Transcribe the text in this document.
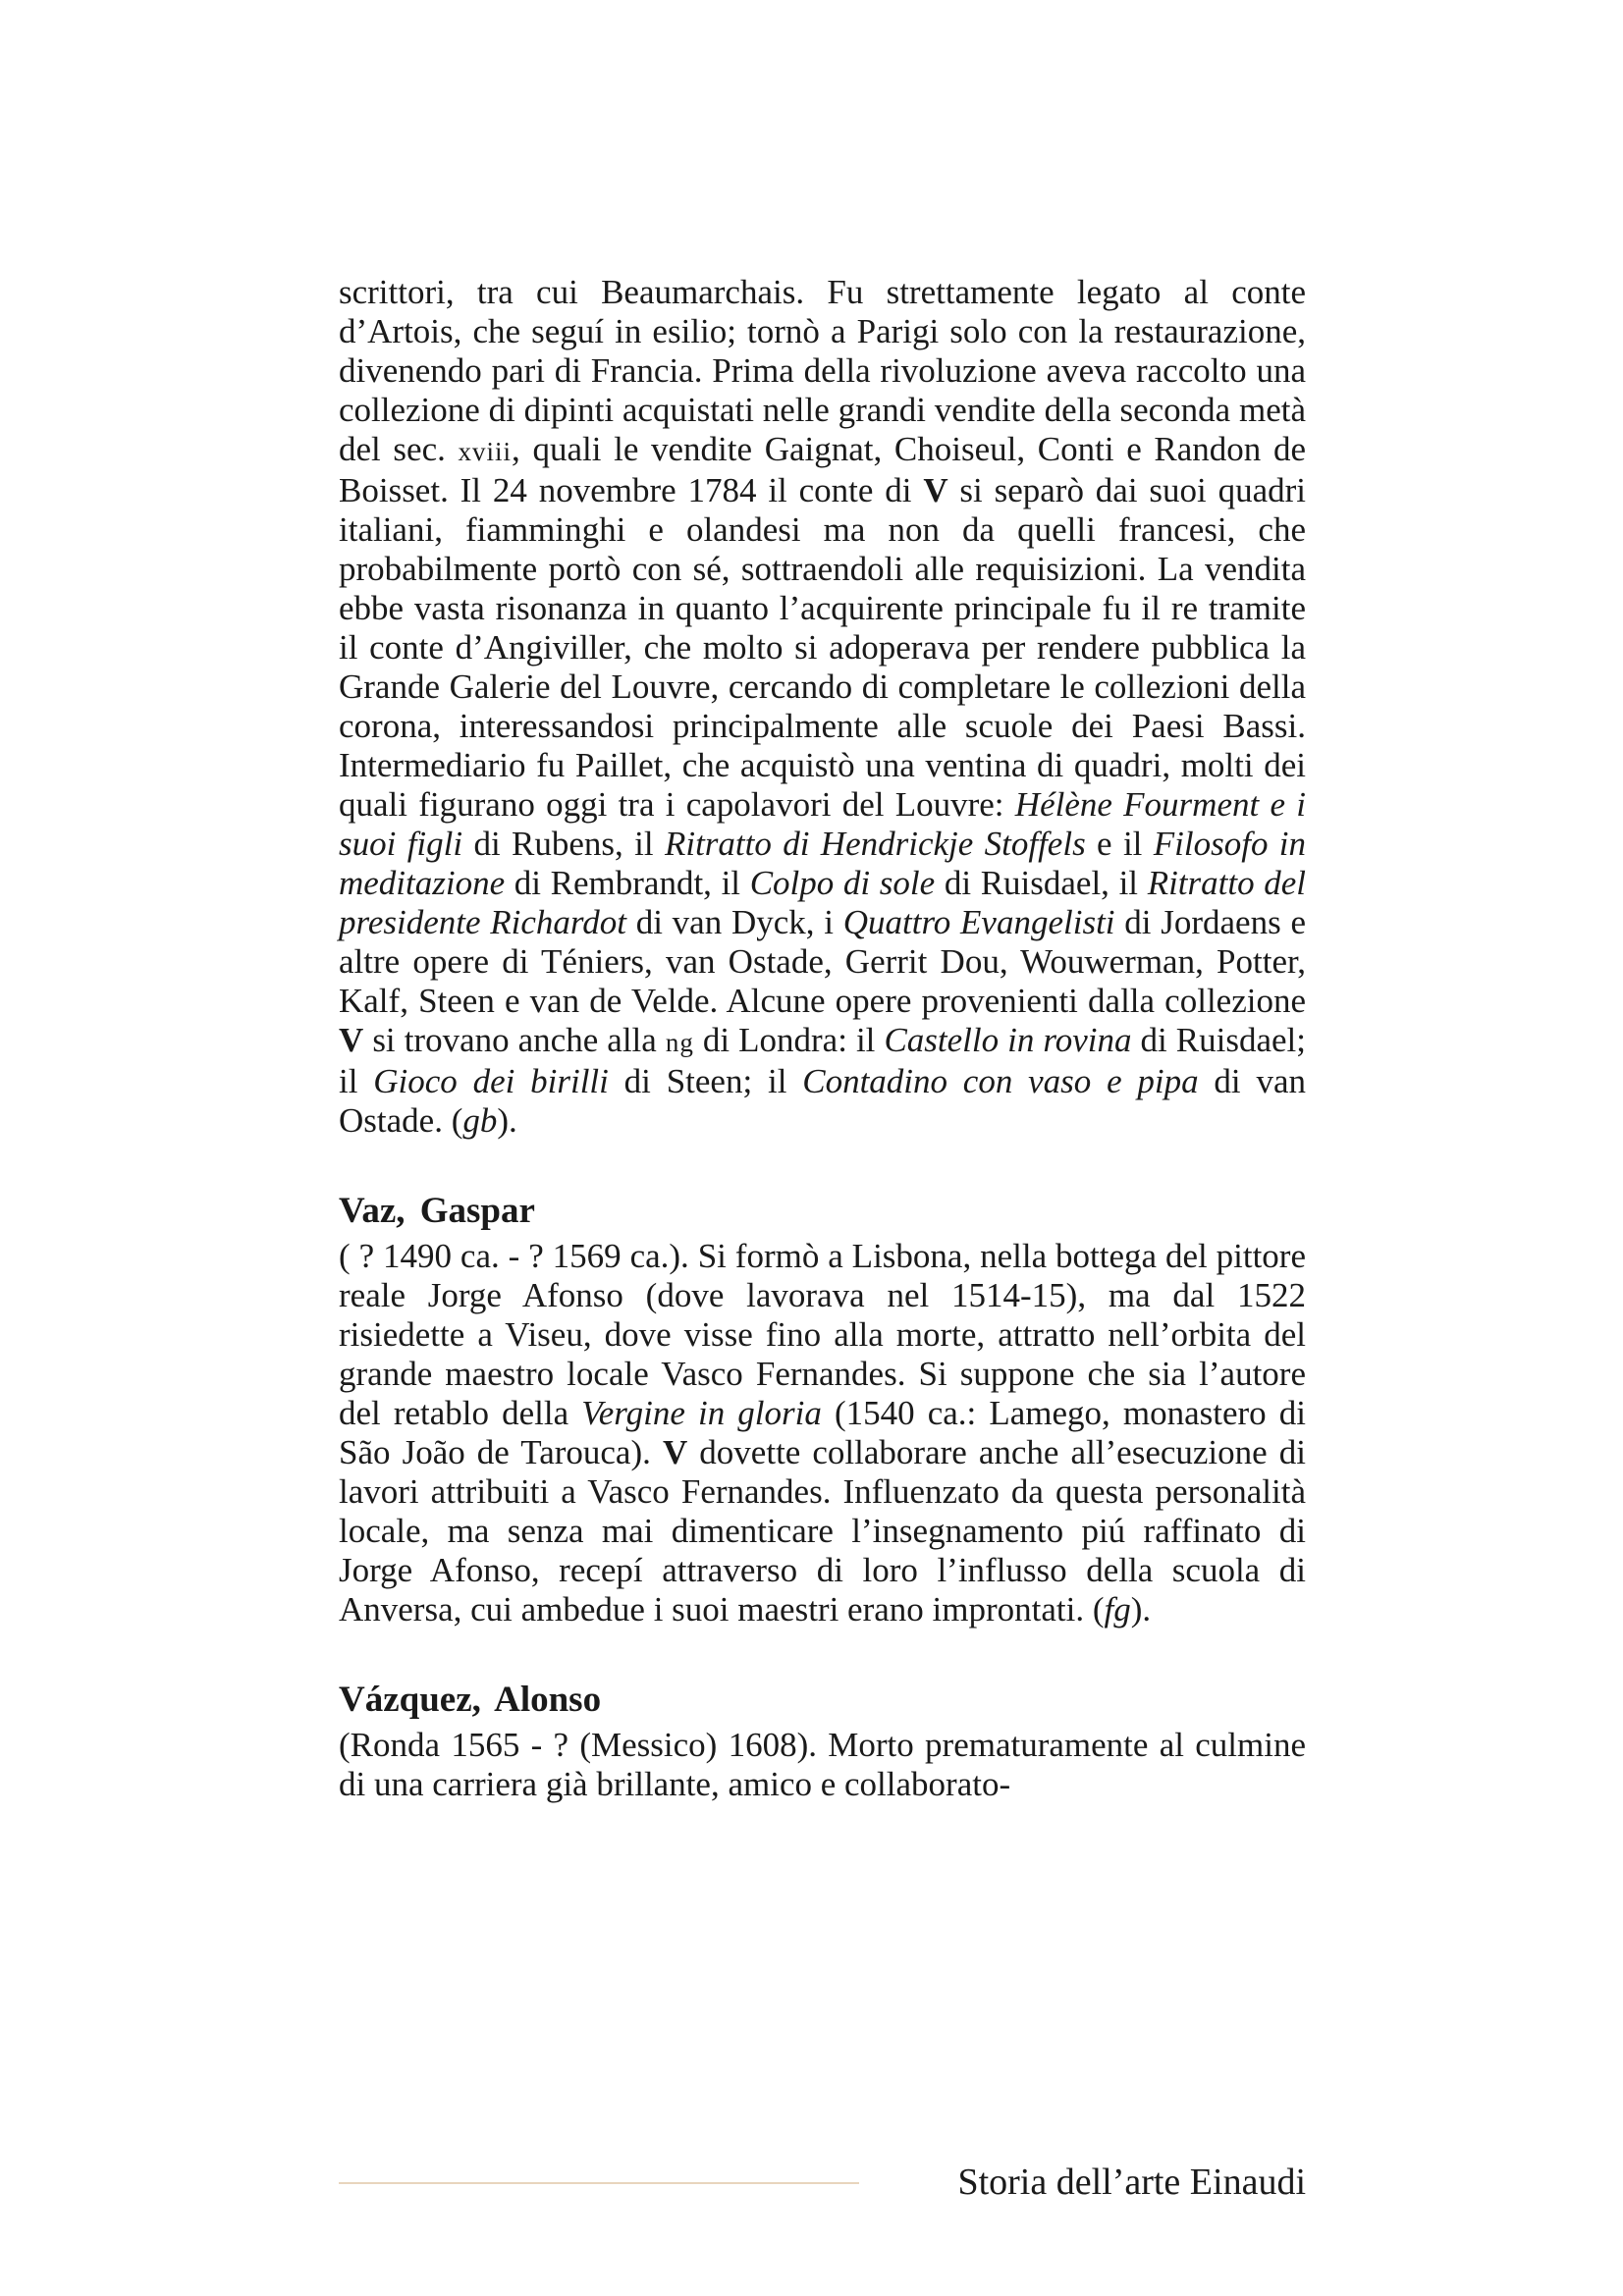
scrittori, tra cui Beaumarchais. Fu strettamente legato al conte d’Artois, che seguí in esilio; tornò a Parigi solo con la restaurazione, divenendo pari di Francia. Prima della rivoluzione aveva raccolto una collezione di dipinti acquistati nelle grandi vendite della seconda metà del sec. xviii, quali le vendite Gaignat, Choiseul, Conti e Randon de Boisset. Il 24 novembre 1784 il conte di V si separò dai suoi quadri italiani, fiamminghi e olandesi ma non da quelli francesi, che probabilmente portò con sé, sottraendoli alle requisizioni. La vendita ebbe vasta risonanza in quanto l’acquirente principale fu il re tramite il conte d’Angiviller, che molto si adoperava per rendere pubblica la Grande Galerie del Louvre, cercando di completare le collezioni della corona, interessandosi principalmente alle scuole dei Paesi Bassi. Intermediario fu Paillet, che acquistò una ventina di quadri, molti dei quali figurano oggi tra i capolavori del Louvre: Hélène Fourment e i suoi figli di Rubens, il Ritratto di Hendrickje Stoffels e il Filosofo in meditazione di Rembrandt, il Colpo di sole di Ruisdael, il Ritratto del presidente Richardot di van Dyck, i Quattro Evangelisti di Jordaens e altre opere di Téniers, van Ostade, Gerrit Dou, Wouwerman, Potter, Kalf, Steen e van de Velde. Alcune opere provenienti dalla collezione V si trovano anche alla ng di Londra: il Castello in rovina di Ruisdael; il Gioco dei birilli di Steen; il Contadino con vaso e pipa di van Ostade. (gb).

Vaz, Gaspar

( ? 1490 ca. - ? 1569 ca.). Si formò a Lisbona, nella bottega del pittore reale Jorge Afonso (dove lavorava nel 1514-15), ma dal 1522 risiedette a Viseu, dove visse fino alla morte, attratto nell’orbita del grande maestro locale Vasco Fernandes. Si suppone che sia l’autore del retablo della Vergine in gloria (1540 ca.: Lamego, monastero di São João de Tarouca). V dovette collaborare anche all’esecuzione di lavori attribuiti a Vasco Fernandes. Influenzato da questa personalità locale, ma senza mai dimenticare l’insegnamento piú raffinato di Jorge Afonso, recepí attraverso di loro l’influsso della scuola di Anversa, cui ambedue i suoi maestri erano improntati. (fg).

Vázquez, Alonso

(Ronda 1565 - ? (Messico) 1608). Morto prematuramente al culmine di una carriera già brillante, amico e collaborato-

Storia dell’arte Einaudi
